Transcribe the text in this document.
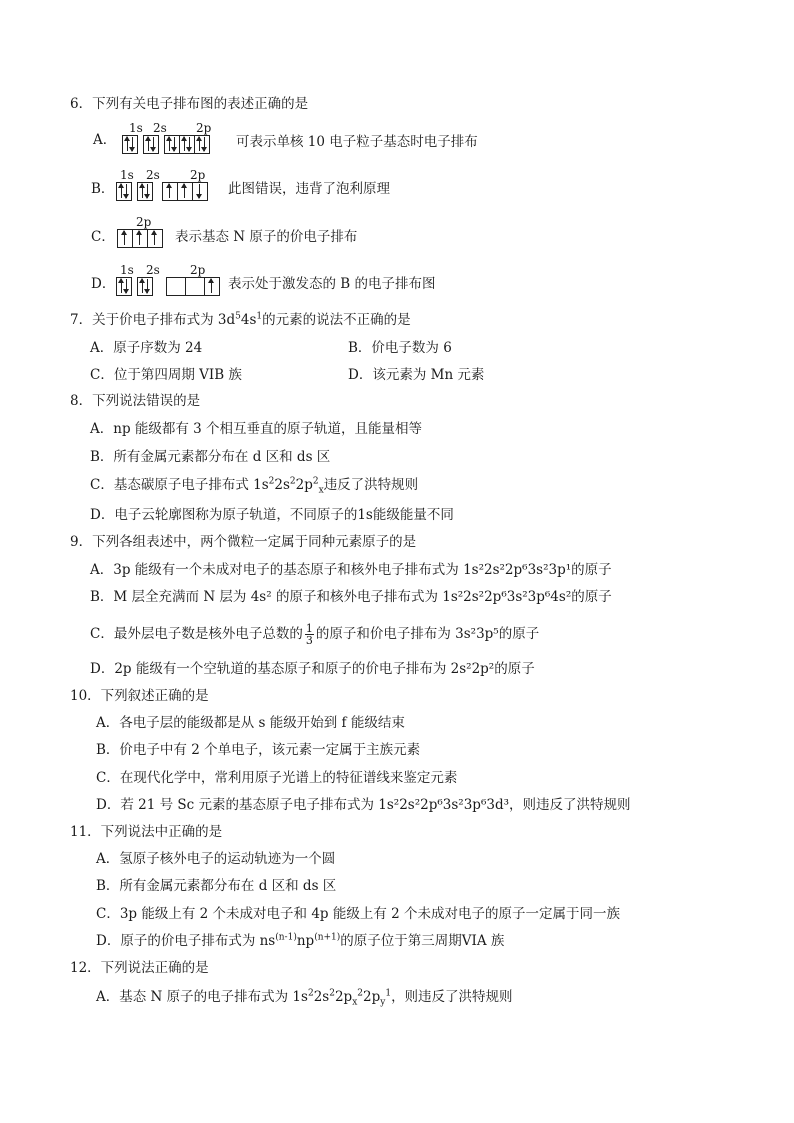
6．下列有关电子排布图的表述正确的是
A．
1s 2s 2p
可表示单核 10 电子粒子基态时电子排布
B．
1s 2s	2p
此图错误，违背了泡利原理
C．
2p
表示基态 N 原子的价电子排布
D．
1s 2s	2p
表示处于激发态的 B 的电子排布图
7．关于价电子排布式为 $3d^54s^1$的元素的说法不正确的是
A．原子序数为 24	B．价电子数为 6
C．位于第四周期 VIB 族	D．该元素为 Mn 元素
8．下列说法错误的是
A．np 能级都有 3 个相互垂直的原子轨道，且能量相等
B．所有金属元素都分布在 d 区和 ds 区
C．基态碳原子电子排布式 $1s^22s^22p^2_x$违反了洪特规则
D．电子云轮廓图称为原子轨道，不同原子的1s能级能量不同
9．下列各组表述中，两个微粒一定属于同种元素原子的是
A．3p 能级有一个未成对电子的基态原子和核外电子排布式为 1s²2s²2p⁶3s²3p¹的原子
B．M 层全充满而 N 层为 4s² 的原子和核外电子排布式为 1s²2s²2p⁶3s²3p⁶4s²的原子
C．最外层电子数是核外电子总数的 $\frac{1}{3}$ 的原子和价电子排布为 3s²3p⁵的原子
D．2p 能级有一个空轨道的基态原子和原子的价电子排布为 2s²2p²的原子
10．下列叙述正确的是
A．各电子层的能级都是从 s 能级开始到 f 能级结束
B．价电子中有 2 个单电子，该元素一定属于主族元素
C．在现代化学中，常利用原子光谱上的特征谱线来鉴定元素
D．若 21 号 Sc 元素的基态原子电子排布式为 1s²2s²2p⁶3s²3p⁶3d³，则违反了洪特规则
11．下列说法中正确的是
A．氢原子核外电子的运动轨迹为一个圆
B．所有金属元素都分布在 d 区和 ds 区
C．3p 能级上有 2 个未成对电子和 4p 能级上有 2 个未成对电子的原子一定属于同一族
D．原子的价电子排布式为 $ns^{(n-1)}np^{(n+1)}$的原子位于第三周期VIA 族
12．下列说法正确的是
A．基态 N 原子的电子排布式为 $1s^22s^22p_x^22p_y^1$，则违反了洪特规则
